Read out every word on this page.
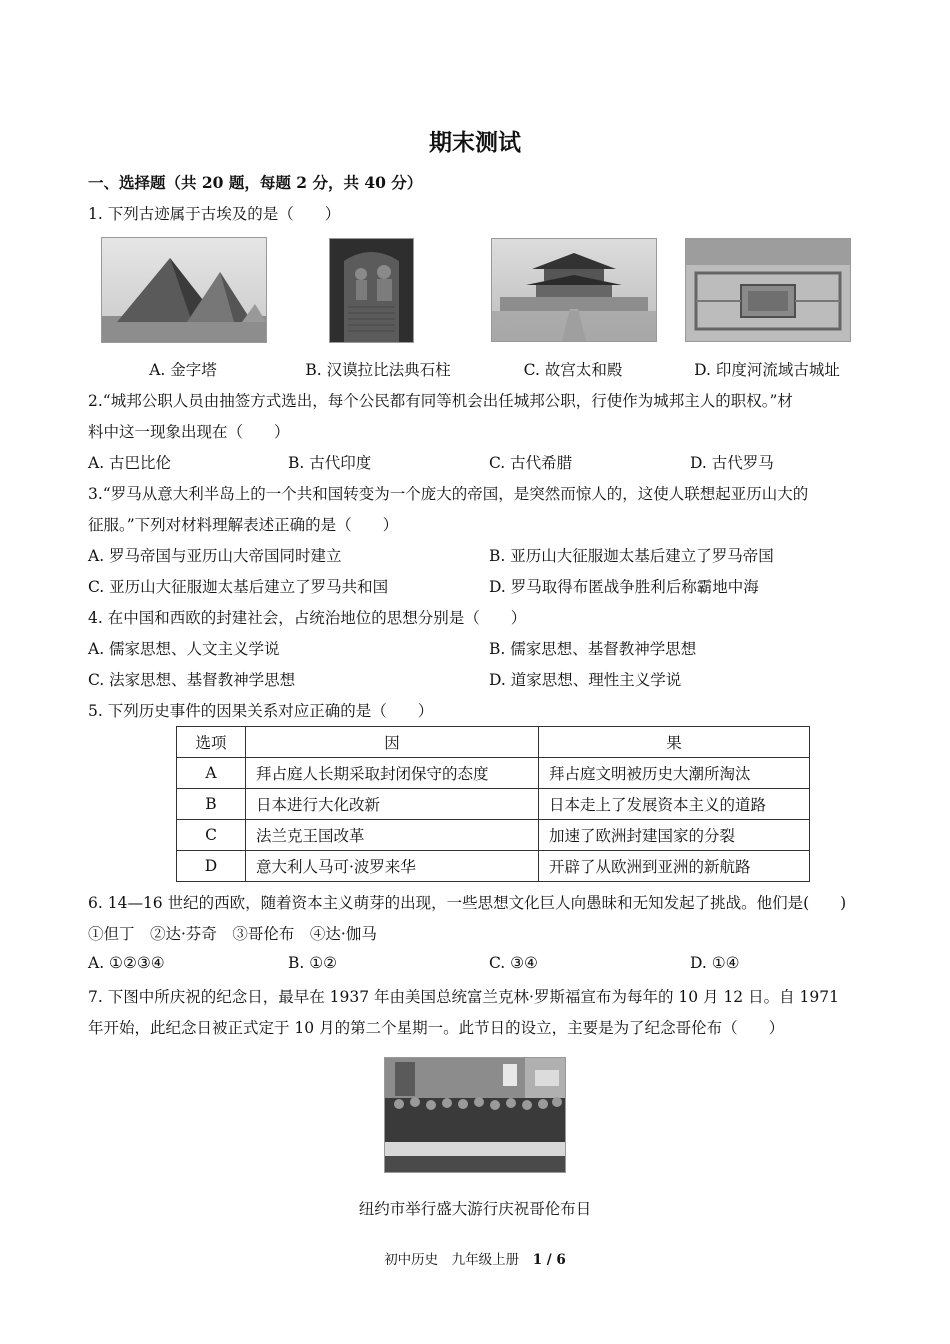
期末测试
一、选择题（共 20 题，每题 2 分，共 40 分）
1. 下列古迹属于古埃及的是（　　）
A. 金字塔	B. 汉谟拉比法典石柱	C. 故宫太和殿	D. 印度河流域古城址
2.“城邦公职人员由抽签方式选出，每个公民都有同等机会出任城邦公职，行使作为城邦主人的职权。”材
料中这一现象出现在（　　）
A. 古巴比伦	B. 古代印度	C. 古代希腊	D. 古代罗马
3.“罗马从意大利半岛上的一个共和国转变为一个庞大的帝国，是突然而惊人的，这使人联想起亚历山大的
征服。”下列对材料理解表述正确的是（　　）
A. 罗马帝国与亚历山大帝国同时建立	B. 亚历山大征服迦太基后建立了罗马帝国
C. 亚历山大征服迦太基后建立了罗马共和国	D. 罗马取得布匿战争胜利后称霸地中海
4. 在中国和西欧的封建社会，占统治地位的思想分别是（　　）
A. 儒家思想、人文主义学说	B. 儒家思想、基督教神学思想
C. 法家思想、基督教神学思想	D. 道家思想、理性主义学说
5. 下列历史事件的因果关系对应正确的是（　　）
选项	因	果
A	拜占庭人长期采取封闭保守的态度	拜占庭文明被历史大潮所淘汰
B	日本进行大化改新	日本走上了发展资本主义的道路
C	法兰克王国改革	加速了欧洲封建国家的分裂
D	意大利人马可·波罗来华	开辟了从欧洲到亚洲的新航路
6. 14—16 世纪的西欧，随着资本主义萌芽的出现，一些思想文化巨人向愚昧和无知发起了挑战。他们是(　　)
①但丁　②达·芬奇　③哥伦布　④达·伽马
A. ①②③④	B. ①②	C. ③④	D. ①④
7. 下图中所庆祝的纪念日，最早在 1937 年由美国总统富兰克林·罗斯福宣布为每年的 10 月 12 日。自 1971
年开始，此纪念日被正式定于 10 月的第二个星期一。此节日的设立，主要是为了纪念哥伦布（　　）
纽约市举行盛大游行庆祝哥伦布日
初中历史　九年级上册　1 / 6
